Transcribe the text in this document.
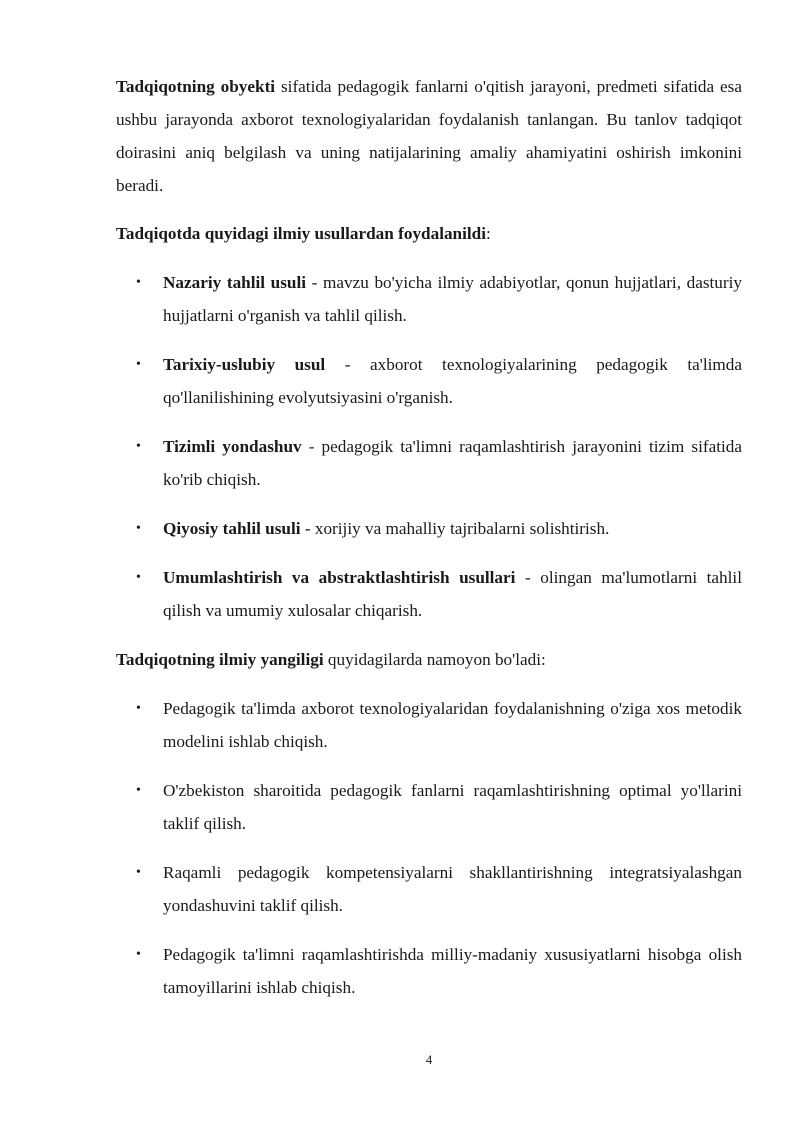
Tadqiqotning obyekti sifatida pedagogik fanlarni o'qitish jarayoni, predmeti sifatida esa ushbu jarayonda axborot texnologiyalaridan foydalanish tanlangan. Bu tanlov tadqiqot doirasini aniq belgilash va uning natijalarining amaliy ahamiyatini oshirish imkonini beradi.

Tadqiqotda quyidagi ilmiy usullardan foydalanildi:

• Nazariy tahlil usuli - mavzu bo'yicha ilmiy adabiyotlar, qonun hujjatlari, dasturiy hujjatlarni o'rganish va tahlil qilish.
• Tarixiy-uslubiy usul - axborot texnologiyalarining pedagogik ta'limda qo'llanilishining evolyutsiyasini o'rganish.
• Tizimli yondashuv - pedagogik ta'limni raqamlashtirish jarayonini tizim sifatida ko'rib chiqish.
• Qiyosiy tahlil usuli - xorijiy va mahalliy tajribalarni solishtirish.
• Umumlashtirish va abstraktlashtirish usullari - olingan ma'lumotlarni tahlil qilish va umumiy xulosalar chiqarish.

Tadqiqotning ilmiy yangiligi quyidagilarda namoyon bo'ladi:

• Pedagogik ta'limda axborot texnologiyalaridan foydalanishning o'ziga xos metodik modelini ishlab chiqish.
• O'zbekiston sharoitida pedagogik fanlarni raqamlashtirishning optimal yo'llarini taklif qilish.
• Raqamli pedagogik kompetensiyalarni shakllantirishning integratsiyalashgan yondashuvini taklif qilish.
• Pedagogik ta'limni raqamlashtirishda milliy-madaniy xususiyatlarni hisobga olish tamoyillarini ishlab chiqish.
4
